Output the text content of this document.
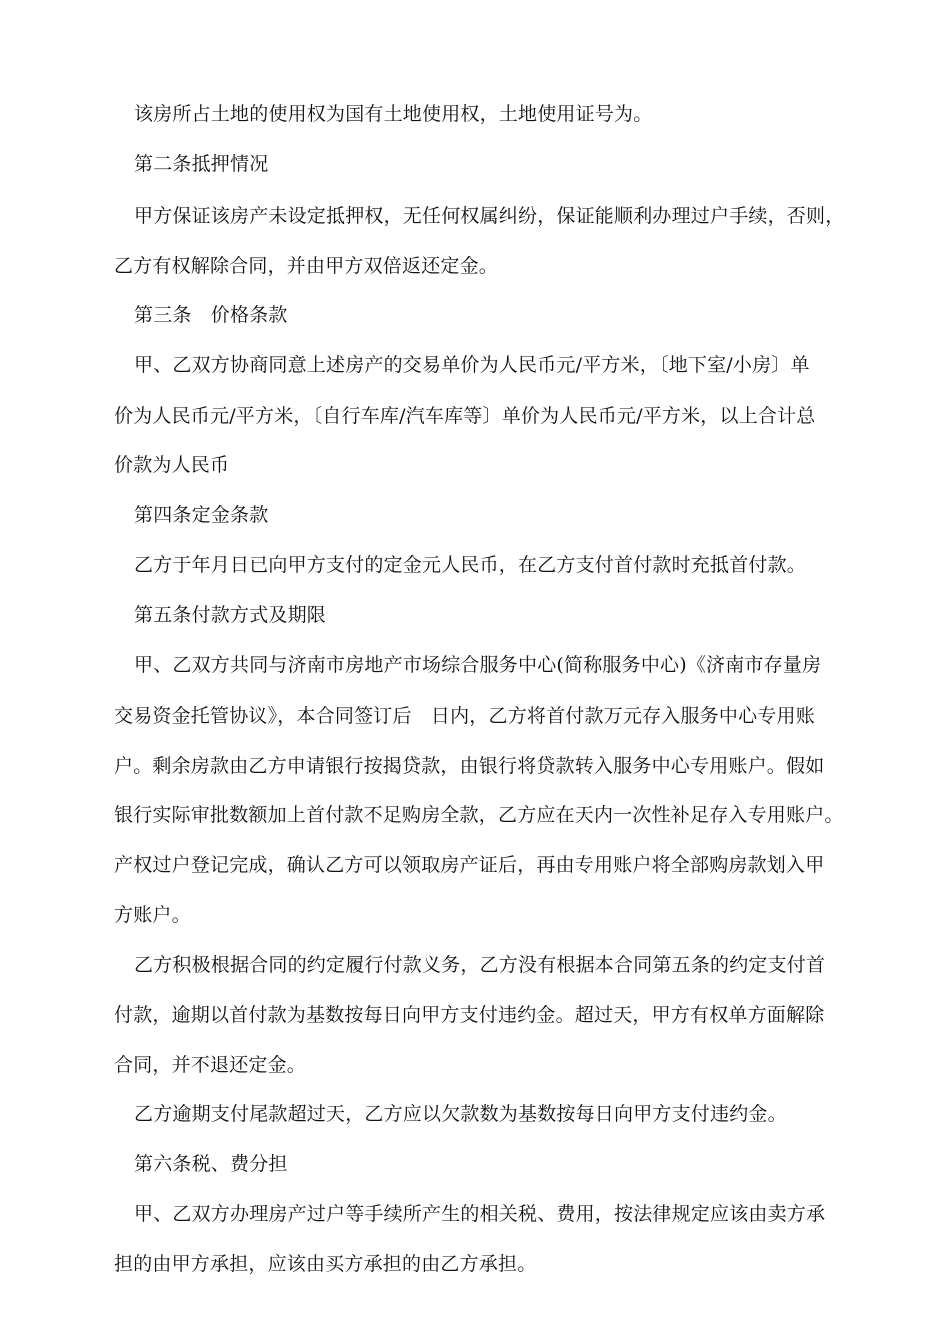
该房所占土地的使用权为国有土地使用权，土地使用证号为。
第二条抵押情况
甲方保证该房产未设定抵押权，无任何权属纠纷，保证能顺利办理过户手续，否则，
乙方有权解除合同，并由甲方双倍返还定金。
第三条　价格条款
甲、乙双方协商同意上述房产的交易单价为人民币元/平方米，〔地下室/小房〕单
价为人民币元/平方米，〔自行车库/汽车库等〕单价为人民币元/平方米，以上合计总
价款为人民币
第四条定金条款
乙方于年月日已向甲方支付的定金元人民币，在乙方支付首付款时充抵首付款。
第五条付款方式及期限
甲、乙双方共同与济南市房地产市场综合服务中心(简称服务中心)《济南市存量房
交易资金托管协议》，本合同签订后　日内，乙方将首付款万元存入服务中心专用账
户。剩余房款由乙方申请银行按揭贷款，由银行将贷款转入服务中心专用账户。假如
银行实际审批数额加上首付款不足购房全款，乙方应在天内一次性补足存入专用账户。
产权过户登记完成，确认乙方可以领取房产证后，再由专用账户将全部购房款划入甲
方账户。
乙方积极根据合同的约定履行付款义务，乙方没有根据本合同第五条的约定支付首
付款，逾期以首付款为基数按每日向甲方支付违约金。超过天，甲方有权单方面解除
合同，并不退还定金。
乙方逾期支付尾款超过天，乙方应以欠款数为基数按每日向甲方支付违约金。
第六条税、费分担
甲、乙双方办理房产过户等手续所产生的相关税、费用，按法律规定应该由卖方承
担的由甲方承担，应该由买方承担的由乙方承担。
